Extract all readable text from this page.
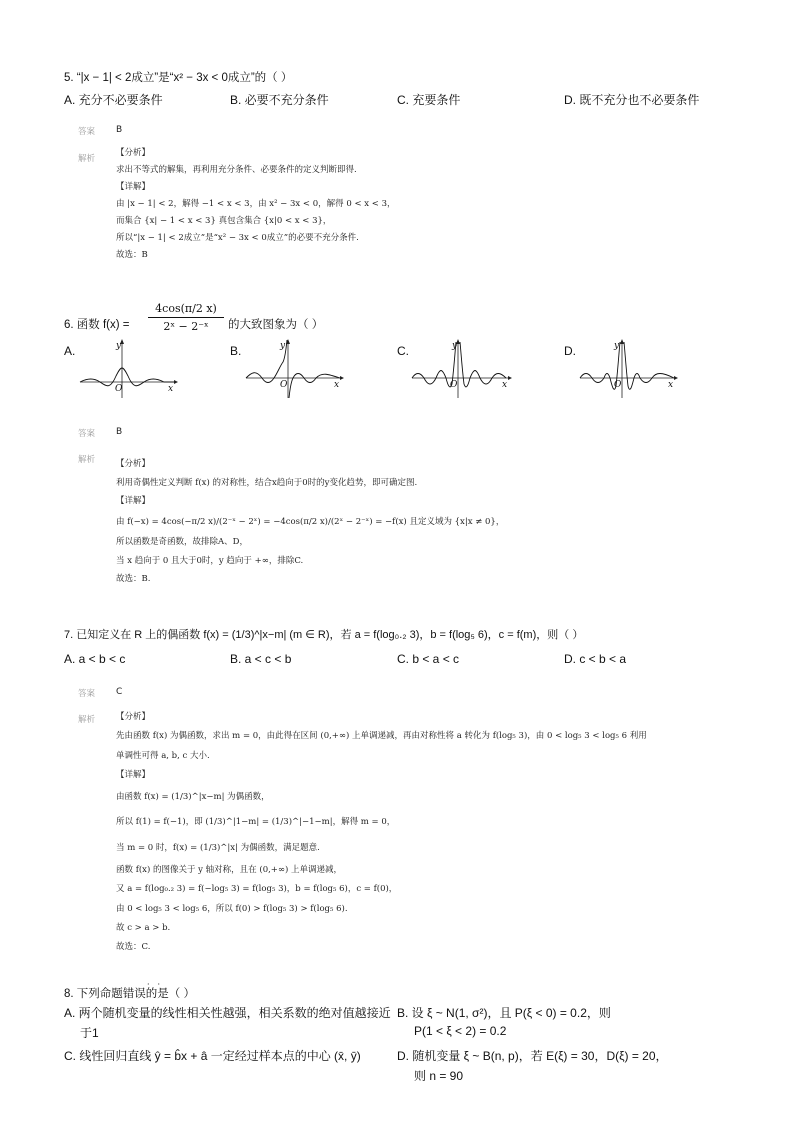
5. “|x − 1| < 2成立”是“x² − 3x < 0成立”的（ ）
A. 充分不必要条件	B. 必要不充分条件	C. 充要条件	D. 既不充分也不必要条件
答案 B
解析
【分析】
求出不等式的解集，再利用充分条件、必要条件的定义判断即得.
【详解】
由 |x − 1| < 2，解得 −1 < x < 3，由 x² − 3x < 0，解得 0 < x < 3，
而集合 {x| − 1 < x < 3} 真包含集合 {x|0 < x < 3}，
所以“|x − 1| < 2成立”是“x² − 3x < 0成立”的必要不充分条件.
故选：B
6. 函数 $f(x) = \frac{4\cos(\pi/2 x)}{\text{2ˣ − 2⁻ˣ}}$ 的大致图象为（ ）
A.	B.	C.	D.
y
x
O
y
x
O
y
x
O
y
x
O
答案 B
解析 【分析】
利用奇偶性定义判断 f(x) 的对称性，结合x趋向于0时的y变化趋势，即可确定图.
【详解】
由 f(−x) = 4cos(−π/2 x)/(2⁻ˣ − 2ˣ) = −4cos(π/2 x)/(2ˣ − 2⁻ˣ) = −f(x) 且定义域为 {x|x ≠ 0}，
所以函数是奇函数，故排除A、D，
当 x 趋向于 0 且大于0时，y 趋向于 +∞，排除C.
故选：B.
7. 已知定义在 R 上的偶函数 f(x) = (1/3)^|x−m| (m ∈ R)，若 a = f(log₀.₂ 3)，b = f(log₅ 6)，c = f(m)，则（ ）
A. a < b < c	B. a < c < b	C. b < a < c	D. c < b < a
答案 C
解析 【分析】
先由函数 f(x) 为偶函数，求出 m = 0，由此得在区间 (0,+∞) 上单调递减，再由对称性将 a 转化为 f(log₅ 3)，由 0 < log₅ 3 < log₅ 6 利用
单调性可得 a, b, c 大小.
【详解】
由函数 f(x) = (1/3)^|x−m| 为偶函数，
所以 f(1) = f(−1)，即 (1/3)^|1−m| = (1/3)^|−1−m|，解得 m = 0，
当 m = 0 时，f(x) = (1/3)^|x| 为偶函数，满足题意.
函数 f(x) 的图像关于 y 轴对称，且在 (0,+∞) 上单调递减，
又 a = f(log₀.₂ 3) = f(−log₅ 3) = f(log₅ 3)，b = f(log₅ 6)，c = f(0)，
由 0 < log₅ 3 < log₅ 6，所以 f(0) > f(log₅ 3) > f(log₅ 6).
故 c > a > b.
故选：C.
8. 下列命题错误的是（ ）
··
A. 两个随机变量的线性相关性越强，相关系数的绝对值越接近
于1
B. 设 ξ ~ N(1, σ²)，且 P(ξ < 0) = 0.2，则
P(1 < ξ < 2) = 0.2
C. 线性回归直线 ŷ = b̂x + â 一定经过样本点的中心 (x̄, ȳ)	D. 随机变量 ξ ~ B(n, p)，若 E(ξ) = 30，D(ξ) = 20，
则 n = 90
